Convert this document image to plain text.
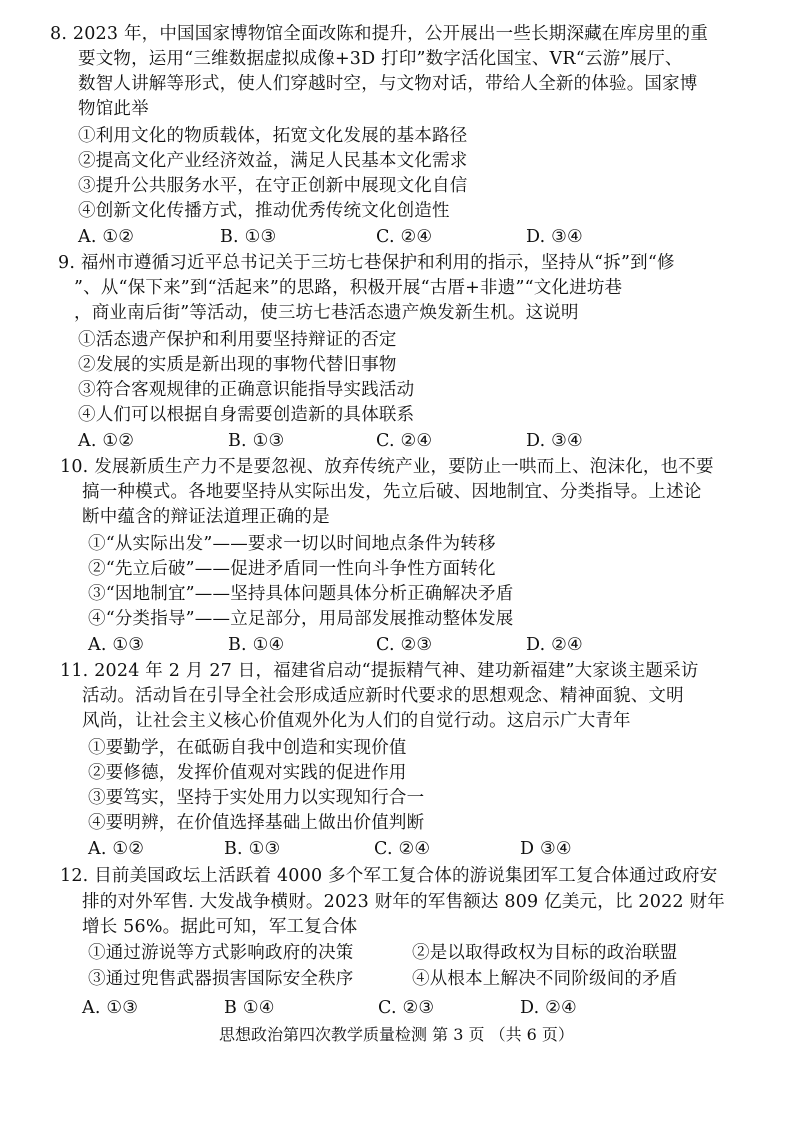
8. 2023 年，中国国家博物馆全面改陈和提升，公开展出一些长期深藏在库房里的重
要文物，运用“三维数据虚拟成像+3D 打印”数字活化国宝、VR“云游”展厅、
数智人讲解等形式，使人们穿越时空，与文物对话，带给人全新的体验。国家博
物馆此举
①利用文化的物质载体，拓宽文化发展的基本路径
②提高文化产业经济效益，满足人民基本文化需求
③提升公共服务水平，在守正创新中展现文化自信
④创新文化传播方式，推动优秀传统文化创造性
A. ①②	B. ①③	C. ②④	D. ③④
9. 福州市遵循习近平总书记关于三坊七巷保护和利用的指示，坚持从“拆”到“修
”、从“保下来”到“活起来”的思路，积极开展“古厝+非遗”“文化进坊巷
，商业南后街”等活动，使三坊七巷活态遗产焕发新生机。这说明
①活态遗产保护和利用要坚持辩证的否定
②发展的实质是新出现的事物代替旧事物
③符合客观规律的正确意识能指导实践活动
④人们可以根据自身需要创造新的具体联系
A. ①②	B. ①③	C. ②④	D. ③④
10. 发展新质生产力不是要忽视、放弃传统产业，要防止一哄而上、泡沫化，也不要
搞一种模式。各地要坚持从实际出发，先立后破、因地制宜、分类指导。上述论
断中蕴含的辩证法道理正确的是
①“从实际出发”——要求一切以时间地点条件为转移
②“先立后破”——促进矛盾同一性向斗争性方面转化
③“因地制宜”——坚持具体问题具体分析正确解决矛盾
④“分类指导”——立足部分，用局部发展推动整体发展
A. ①③	B. ①④	C. ②③	D. ②④
11. 2024 年 2 月 27 日，福建省启动“提振精气神、建功新福建”大家谈主题采访
活动。活动旨在引导全社会形成适应新时代要求的思想观念、精神面貌、文明
风尚，让社会主义核心价值观外化为人们的自觉行动。这启示广大青年
①要勤学，在砥砺自我中创造和实现价值
②要修德，发挥价值观对实践的促进作用
③要笃实，坚持于实处用力以实现知行合一
④要明辨，在价值选择基础上做出价值判断
A. ①②	B. ①③	C. ②④	D ③④
12. 目前美国政坛上活跃着 4000 多个军工复合体的游说集团军工复合体通过政府安
排的对外军售. 大发战争横财。2023 财年的军售额达 809 亿美元，比 2022 财年
增长 56%。据此可知，军工复合体
①通过游说等方式影响政府的决策	②是以取得政权为目标的政治联盟
③通过兜售武器损害国际安全秩序	④从根本上解决不同阶级间的矛盾
A. ①③	B ①④	C. ②③	D. ②④
思想政治第四次教学质量检测 第 3 页 （共 6 页）
